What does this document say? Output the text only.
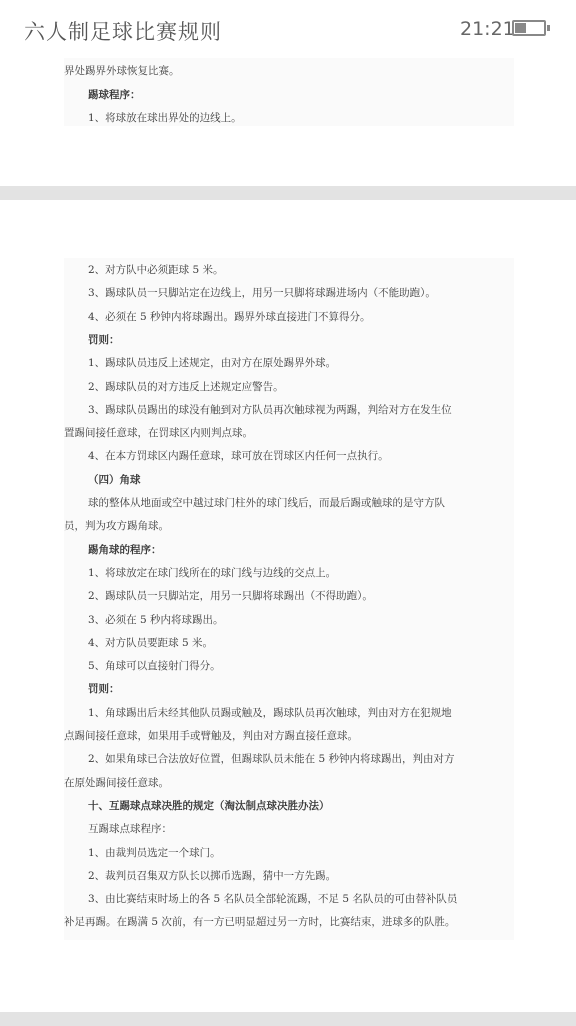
六人制足球比赛规则	21:21
界处踢界外球恢复比赛。
踢球程序：
1、将球放在球出界处的边线上。
2、对方队中必须距球 5 米。
3、踢球队员一只脚站定在边线上，用另一只脚将球踢进场内（不能助跑）。
4、必须在 5 秒钟内将球踢出。踢界外球直接进门不算得分。
罚则：
1、踢球队员违反上述规定，由对方在原处踢界外球。
2、踢球队员的对方违反上述规定应警告。
3、踢球队员踢出的球没有触到对方队员再次触球视为两踢，判给对方在发生位
置踢间接任意球，在罚球区内则判点球。
4、在本方罚球区内踢任意球，球可放在罚球区内任何一点执行。
（四）角球
球的整体从地面或空中越过球门柱外的球门线后，而最后踢或触球的是守方队
员，判为攻方踢角球。
踢角球的程序：
1、将球放定在球门线所在的球门线与边线的交点上。
2、踢球队员一只脚站定，用另一只脚将球踢出（不得助跑）。
3、必须在 5 秒内将球踢出。
4、对方队员要距球 5 米。
5、角球可以直接射门得分。
罚则：
1、角球踢出后未经其他队员踢或触及，踢球队员再次触球，判由对方在犯规地
点踢间接任意球，如果用手或臂触及，判由对方踢直接任意球。
2、如果角球已合法放好位置，但踢球队员未能在 5 秒钟内将球踢出，判由对方
在原处踢间接任意球。
十、互踢球点球决胜的规定（淘汰制点球决胜办法）
互踢球点球程序：
1、由裁判员选定一个球门。
2、裁判员召集双方队长以掷币选踢，猜中一方先踢。
3、由比赛结束时场上的各 5 名队员全部轮流踢，不足 5 名队员的可由替补队员
补足再踢。在踢满 5 次前，有一方已明显超过另一方时，比赛结束，进球多的队胜。
